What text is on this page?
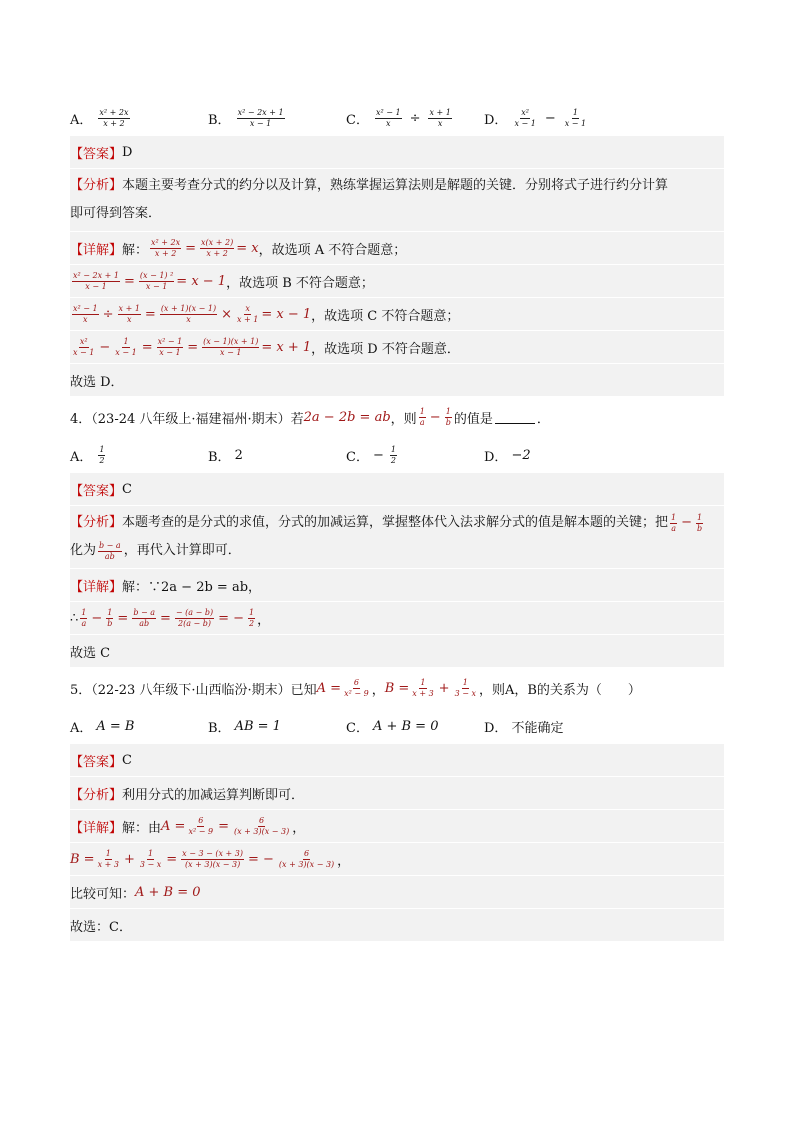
A． $\frac{\text{x² + 2x}}{x + 2}$	B． $\frac{\text{x² − 2x + 1}}{x - 1}$	C． $\frac{\text{x² − 1}}{x} \div \frac{x + 1}{x}$ D． $\frac{\text{x²}}{x - 1} - \frac{1}{x - 1}$
【答案】 D
【分析】 本题主要考查分式的约分以及计算，熟练掌握运算法则是解题的关键．分别将式子进行约分计算
即可得到答案．
【详解】 解： $\frac{\text{x² + 2x}}{x + 2} = \frac{x(x + 2)}{x + 2} = x$ ，故选项 A 不符合题意；
$\frac{\text{x² − 2x + 1}}{x - 1} = \frac{\text{(x − 1) ²}}{x - 1} = x - 1$ ，故选项 B 不符合题意；
$\frac{\text{x² − 1}}{x} \div \frac{x + 1}{x} = \frac{(x + 1)(x - 1)}{x} \times \frac{x}{x + 1} = x - 1$ ，故选项 C 不符合题意；
$\frac{\text{x²}}{x - 1} - \frac{1}{x - 1} = \frac{\text{x² − 1}}{x - 1} = \frac{(x - 1)(x + 1)}{x - 1} = x + 1$ ，故选项 D 不符合题意．
故选 D．
4．（23-24 八年级上·福建福州·期末）若 2a − 2b = ab ，则 $\frac{1}{a} - \frac{1}{b}$ 的值是	．
A． $\frac{1}{2}$	B． 2	C． − $\frac{1}{2}$	D． −2
【答案】 C
【分析】 本题考查的是分式的求值，分式的加减运算，掌握整体代入法求解分式的值是解本题的关键；把 $\frac{1}{a} - \frac{1}{b}$
化为 $\frac{b - a}{ab}$ ，再代入计算即可．
【详解】 解：∵2a − 2b = ab，
∴ $\frac{1}{a} - \frac{1}{b} = \frac{b - a}{ab} = \frac{- (a - b)}{2(a - b)}$ = − $\frac{1}{2}$ ，
故选 C
5．（22-23 八年级下·山西临汾·期末）已知 $A = \frac{6}{\text{x² − 9}}$ ， $B = \frac{1}{x + 3} + \frac{1}{3 - x}$ ，则A，B的关系为（　　）
A． A = B	B． AB = 1	C． A + B = 0	D． 不能确定
【答案】 C
【分析】 利用分式的加减运算判断即可．
【详解】 解：由 $A = \frac{6}{\text{x² − 9}} = \frac{6}{(x + 3)(x - 3)}$ ，
$B = \frac{1}{x + 3} + \frac{1}{3 - x} = \frac{x - 3 - (x + 3)}{(x + 3)(x - 3)}$ = − $\frac{6}{(x + 3)(x - 3)}$ ，
比较可知： A + B = 0
故选：C．
